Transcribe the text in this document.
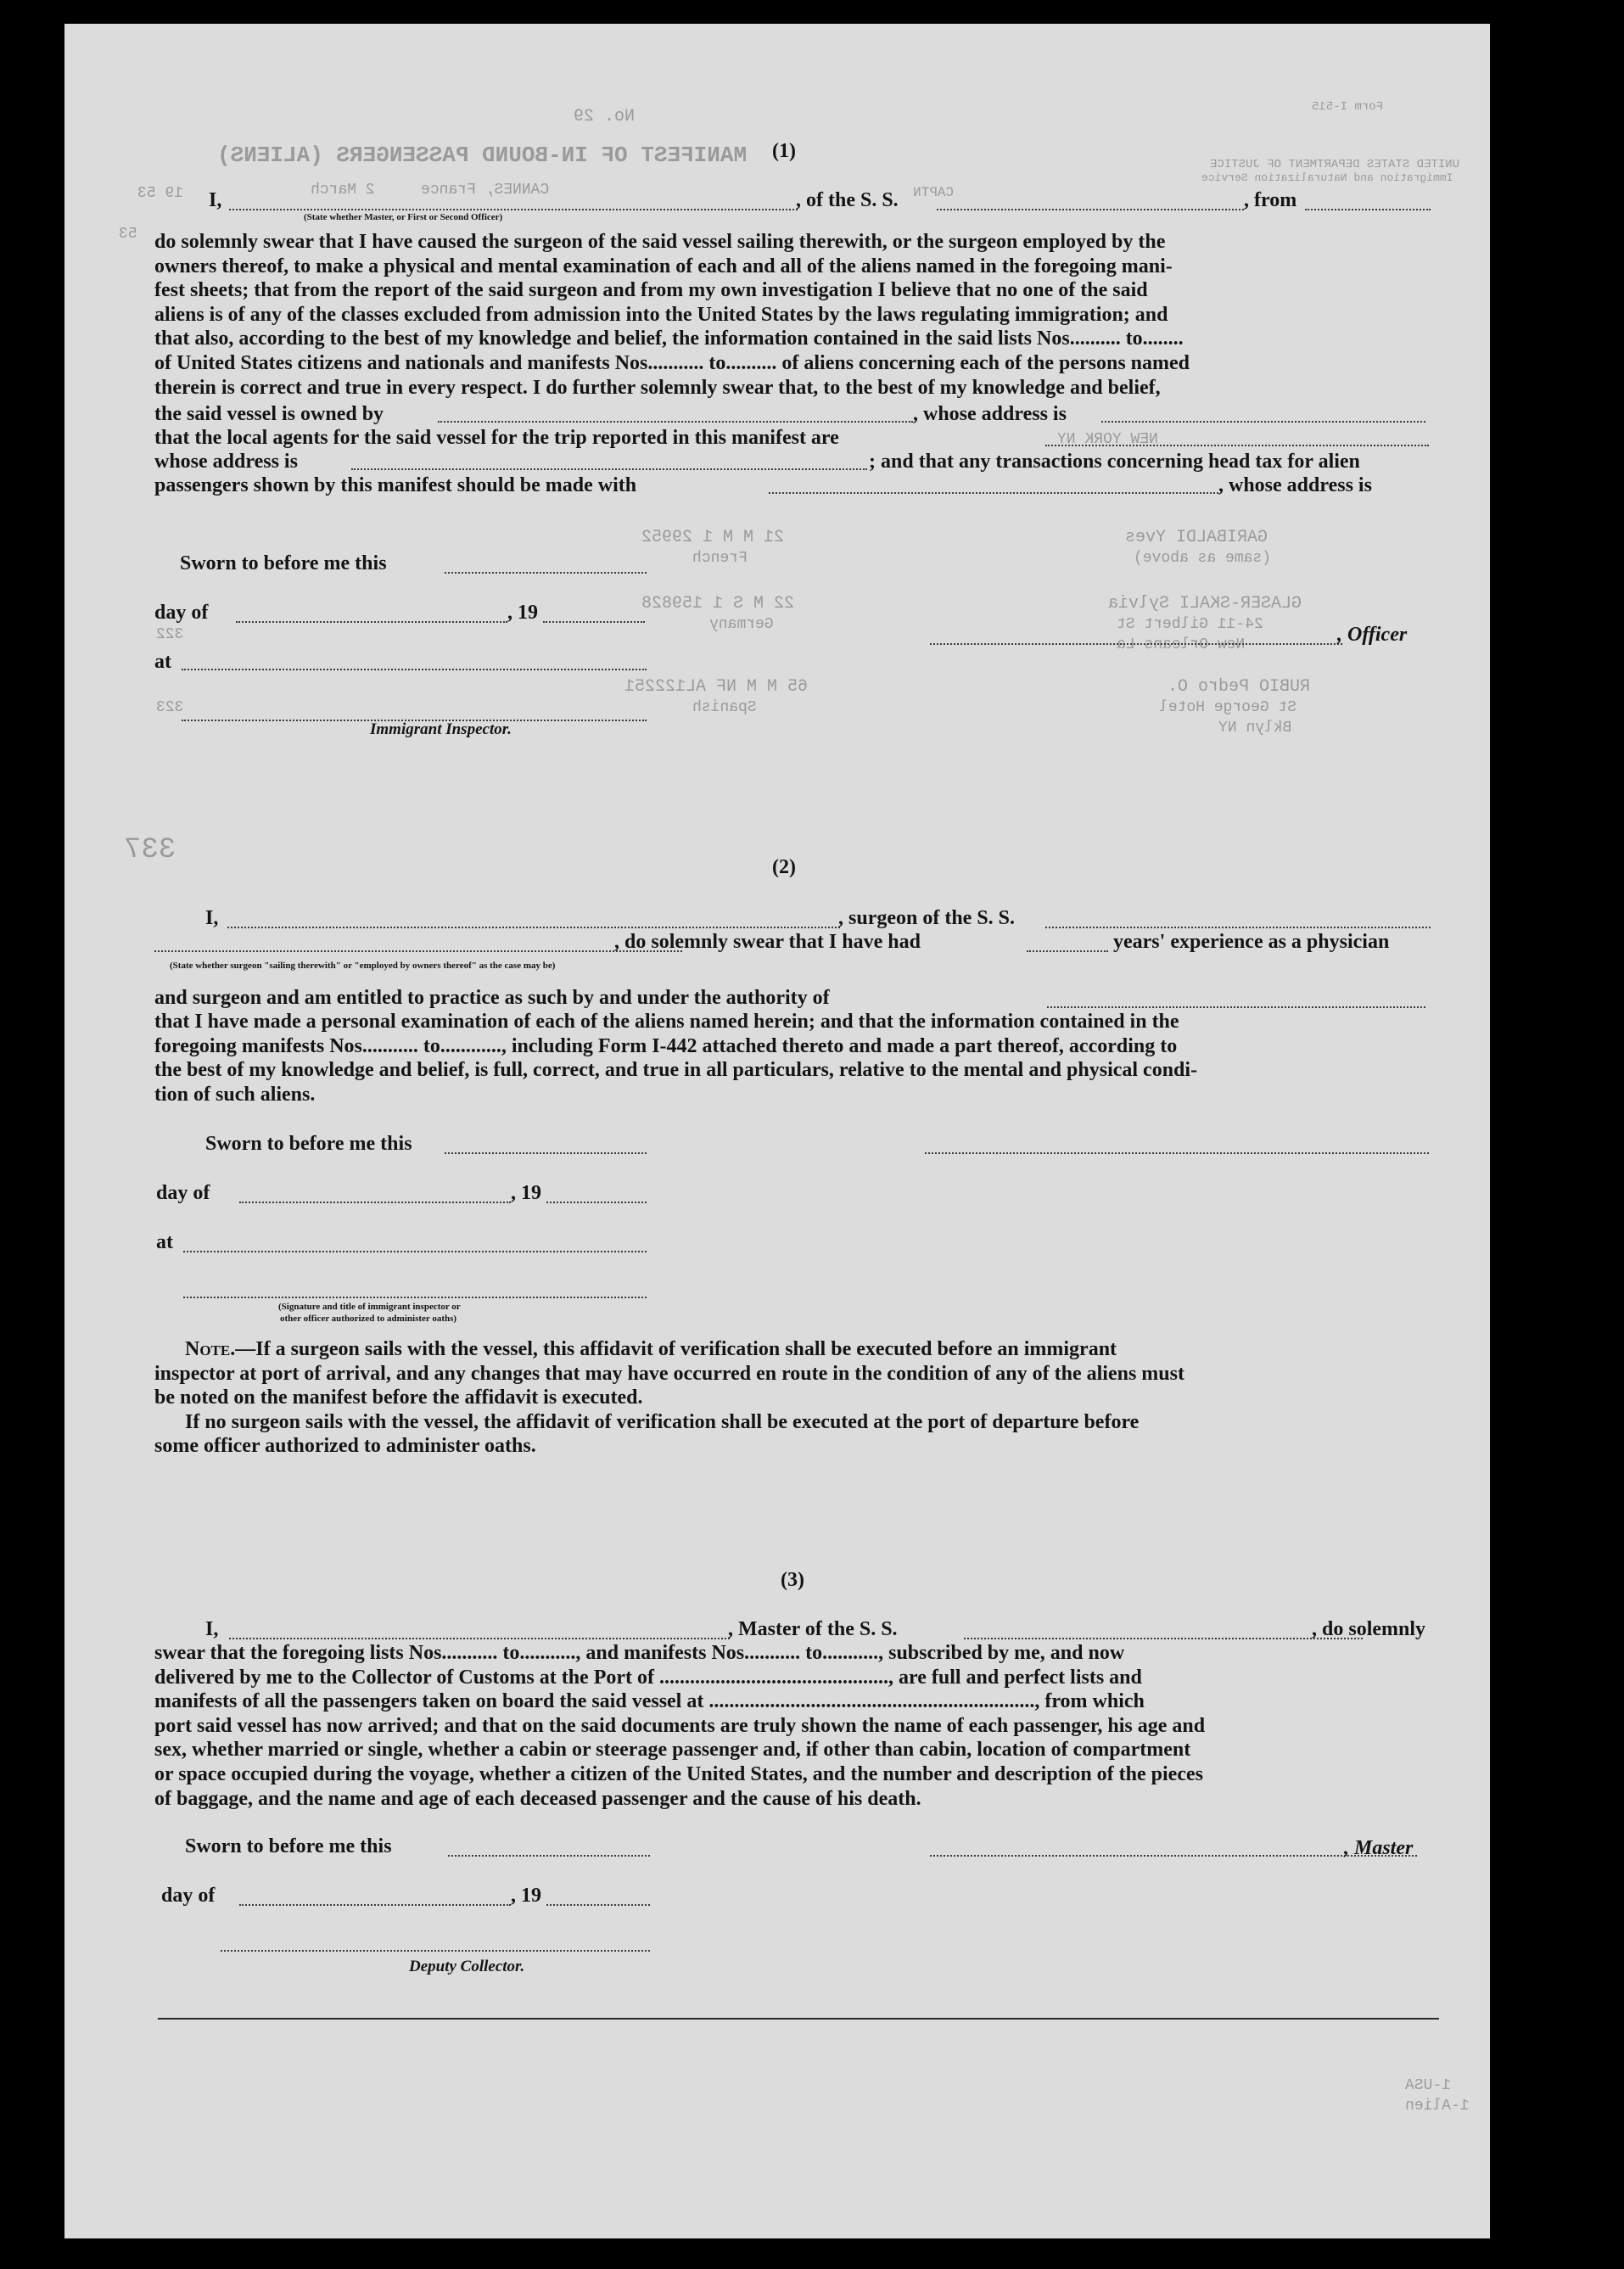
MANIFEST OF IN-BOUND PASSENGERS (ALIENS)
No. 29
CAPTN
CANNES, France
2 March
19 53
53
Form I-515
UNITED STATES DEPARTMENT OF JUSTICE
Immigration and Naturalization Service
GARIBALDI Yves
(same as above)
21 M M 1 29952
French
GLASER-SKALI Sylvia
24-11 Gilbert St
New Orleans La
22 M S 1 159828
Germany
RUBIO Pedro O.
St George Hotel
Bklyn NY
65 M M NF AL122251
Spanish
NEW YORK NY
337
1-USA
1-Alien
323
322
(1)
I,	, of the S. S.	, from
(State whether Master, or First or Second Officer)
do solemnly swear that I have caused the surgeon of the said vessel sailing therewith, or the surgeon employed by the
owners thereof, to make a physical and mental examination of each and all of the aliens named in the foregoing mani-
fest sheets; that from the report of the said surgeon and from my own investigation I believe that no one of the said
aliens is of any of the classes excluded from admission into the United States by the laws regulating immigration; and
that also, according to the best of my knowledge and belief, the information contained in the said lists Nos.......... to........
of United States citizens and nationals and manifests Nos........... to.......... of aliens concerning each of the persons named
therein is correct and true in every respect. I do further solemnly swear that, to the best of my knowledge and belief,
the said vessel is owned by	, whose address is
that the local agents for the said vessel for the trip reported in this manifest are
whose address is	; and that any transactions concerning head tax for alien
passengers shown by this manifest should be made with	, whose address is
Sworn to before me this
day of	, 19
at
, Officer
Immigrant Inspector.
(2)
I,	, surgeon of the S. S.
, do solemnly swear that I have had	years' experience as a physician
(State whether surgeon "sailing therewith" or "employed by owners thereof" as the case may be)
and surgeon and am entitled to practice as such by and under the authority of
that I have made a personal examination of each of the aliens named herein; and that the information contained in the
foregoing manifests Nos........... to............, including Form I-442 attached thereto and made a part thereof, according to
the best of my knowledge and belief, is full, correct, and true in all particulars, relative to the mental and physical condi-
tion of such aliens.
Sworn to before me this
day of	, 19
at
(Signature and title of immigrant inspector or
other officer authorized to administer oaths)
Note.—If a surgeon sails with the vessel, this affidavit of verification shall be executed before an immigrant
inspector at port of arrival, and any changes that may have occurred en route in the condition of any of the aliens must
be noted on the manifest before the affidavit is executed.
If no surgeon sails with the vessel, the affidavit of verification shall be executed at the port of departure before
some officer authorized to administer oaths.
(3)
I,	, Master of the S. S.	, do solemnly
swear that the foregoing lists Nos........... to..........., and manifests Nos........... to..........., subscribed by me, and now
delivered by me to the Collector of Customs at the Port of ............................................., are full and perfect lists and
manifests of all the passengers taken on board the said vessel at ................................................................, from which
port said vessel has now arrived; and that on the said documents are truly shown the name of each passenger, his age and
sex, whether married or single, whether a cabin or steerage passenger and, if other than cabin, location of compartment
or space occupied during the voyage, whether a citizen of the United States, and the number and description of the pieces
of baggage, and the name and age of each deceased passenger and the cause of his death.
Sworn to before me this	, Master
day of	, 19
Deputy Collector.
